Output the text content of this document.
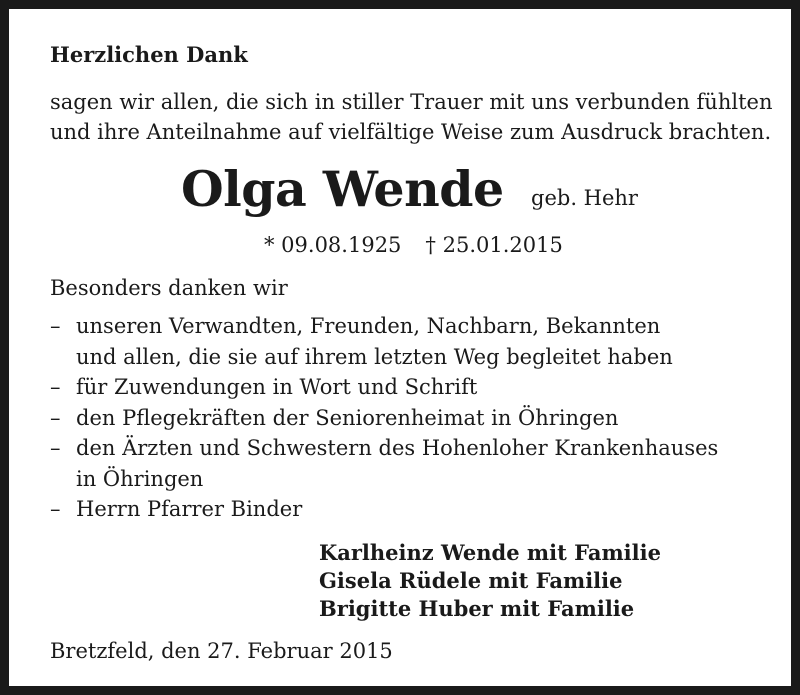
Herzlichen Dank
sagen wir allen, die sich in stiller Trauer mit uns verbunden fühlten
und ihre Anteilnahme auf vielfältige Weise zum Ausdruck brachten.
Olga Wende geb. Hehr
* 09.08.1925 † 25.01.2015
Besonders danken wir
– unseren Verwandten, Freunden, Nachbarn, Bekannten
und allen, die sie auf ihrem letzten Weg begleitet haben
– für Zuwendungen in Wort und Schrift
– den Pflegekräften der Seniorenheimat in Öhringen
– den Ärzten und Schwestern des Hohenloher Krankenhauses
in Öhringen
– Herrn Pfarrer Binder
Karlheinz Wende mit Familie
Gisela Rüdele mit Familie
Brigitte Huber mit Familie
Bretzfeld, den 27. Februar 2015
